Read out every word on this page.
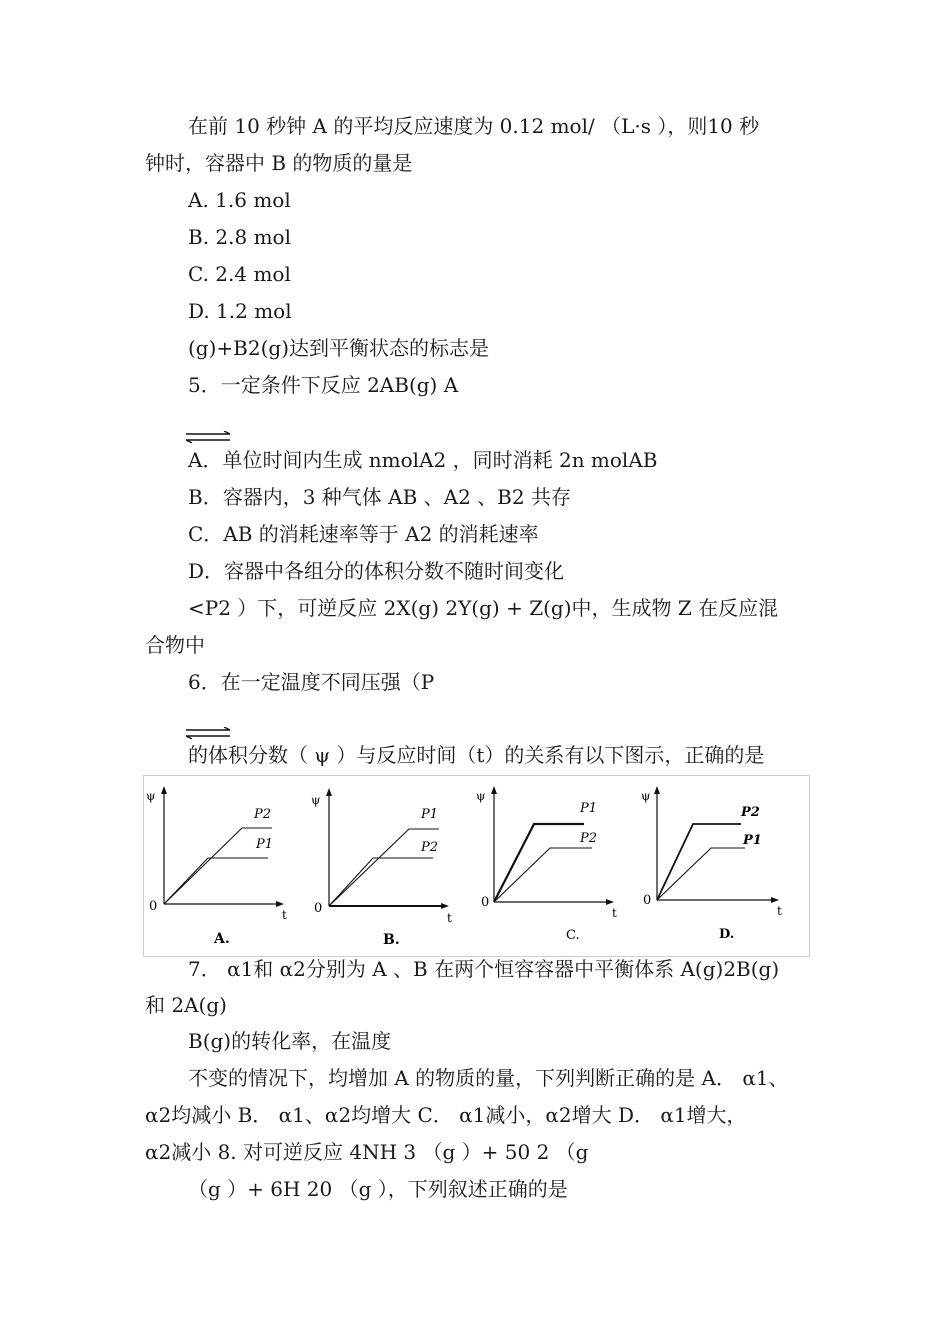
在前 10 秒钟 A 的平均反应速度为 0.12 mol/ （L·s ），则10 秒
钟时，容器中 B 的物质的量是
A. 1.6 mol
B. 2.8 mol
C. 2.4 mol
D. 1.2 mol
(g)+B2(g)达到平衡状态的标志是
5．一定条件下反应 2AB(g) A
A．单位时间内生成 nmolA2 ，同时消耗 2n molAB
B．容器内，3 种气体 AB 、A2 、B2 共存
C．AB 的消耗速率等于 A2 的消耗速率
D．容器中各组分的体积分数不随时间变化
<P2 ）下，可逆反应 2X(g) 2Y(g) + Z(g)中，生成物 Z 在反应混
合物中
6．在一定温度不同压强（P
的体积分数（ ψ ）与反应时间（t）的关系有以下图示，正确的是
ψ
0
t
P2
P1
A.
ψ
0
t
P1
P2
B.
ψ
0
t
P1
P2
C.
ψ
0
t
P2
P1
D.
7． α1和 α2分别为 A 、B 在两个恒容容器中平衡体系 A(g)2B(g)
和 2A(g)
B(g)的转化率，在温度
不变的情况下，均增加 A 的物质的量，下列判断正确的是 A． α1、
α2均减小 B． α1、α2均增大 C． α1减小，α2增大 D． α1增大，
α2减小 8. 对可逆反应 4NH 3 （g ）+ 50 2 （g
（g ）+ 6H 20 （g ），下列叙述正确的是
